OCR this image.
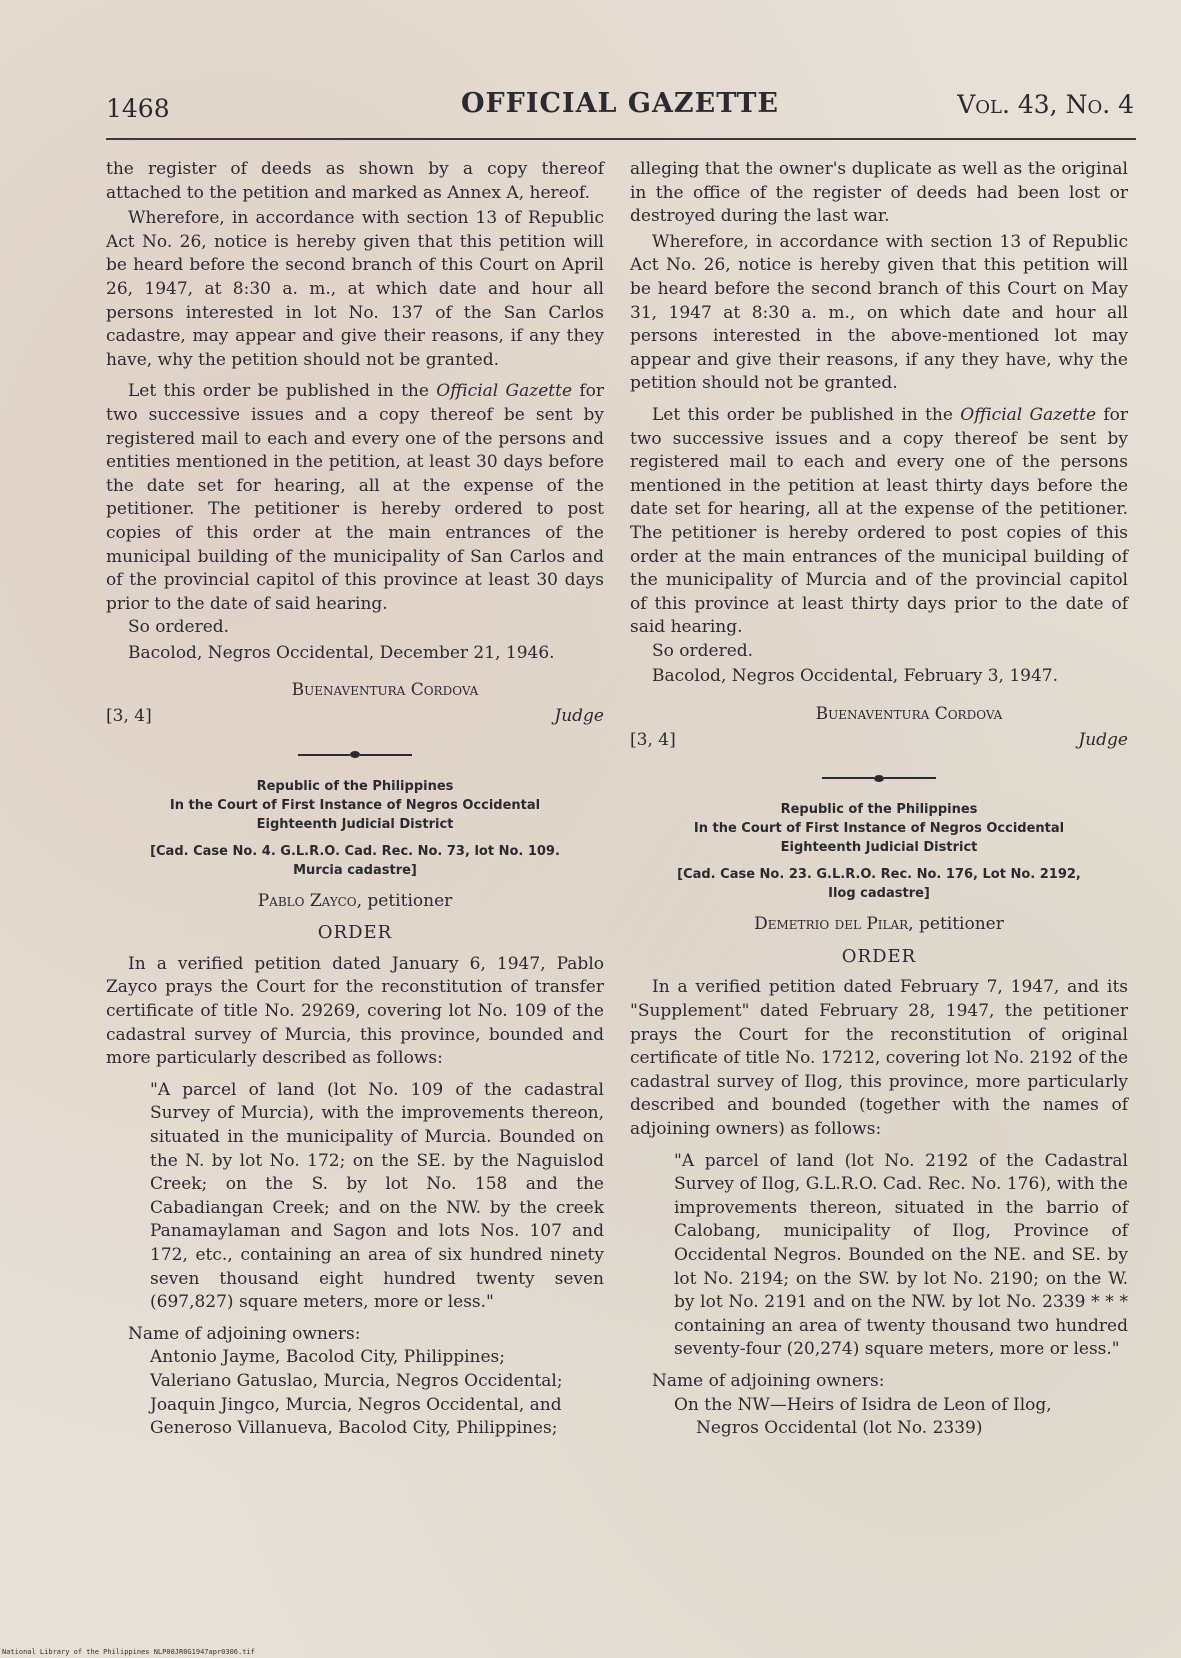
1468	OFFICIAL GAZETTE	Vol. 43, No. 4

the register of deeds as shown by a copy thereof attached to the petition and marked as Annex A, hereof.

Wherefore, in accordance with section 13 of Republic Act No. 26, notice is hereby given that this petition will be heard before the second branch of this Court on April 26, 1947, at 8:30 a. m., at which date and hour all persons interested in lot No. 137 of the San Carlos cadastre, may appear and give their reasons, if any they have, why the petition should not be granted.

Let this order be published in the Official Gazette for two successive issues and a copy thereof be sent by registered mail to each and every one of the persons and entities mentioned in the petition, at least 30 days before the date set for hearing, all at the expense of the petitioner. The petitioner is hereby ordered to post copies of this order at the main entrances of the municipal building of the municipality of San Carlos and of the provincial capitol of this province at least 30 days prior to the date of said hearing.

So ordered.

Bacolod, Negros Occidental, December 21, 1946.

Buenaventura Cordova
[3, 4]	Judge
Republic of the Philippines
In the Court of First Instance of Negros Occidental
Eighteenth Judicial District
[Cad. Case No. 4. G.L.R.O. Cad. Rec. No. 73, lot No. 109.
Murcia cadastre]
Pablo Zayco, petitioner
ORDER

In a verified petition dated January 6, 1947, Pablo Zayco prays the Court for the reconstitution of transfer certificate of title No. 29269, covering lot No. 109 of the cadastral survey of Murcia, this province, bounded and more particularly described as follows:

"A parcel of land (lot No. 109 of the cadastral Survey of Murcia), with the improvements thereon, situated in the municipality of Murcia. Bounded on the N. by lot No. 172; on the SE. by the Naguislod Creek; on the S. by lot No. 158 and the Cabadiangan Creek; and on the NW. by the creek Panamaylaman and Sagon and lots Nos. 107 and 172, etc., containing an area of six hundred ninety seven thousand eight hundred twenty seven (697,827) square meters, more or less."

Name of adjoining owners:

Antonio Jayme, Bacolod City, Philippines;
Valeriano Gatuslao, Murcia, Negros Occidental;
Joaquin Jingco, Murcia, Negros Occidental, and
Generoso Villanueva, Bacolod City, Philippines;

alleging that the owner's duplicate as well as the original in the office of the register of deeds had been lost or destroyed during the last war.

Wherefore, in accordance with section 13 of Republic Act No. 26, notice is hereby given that this petition will be heard before the second branch of this Court on May 31, 1947 at 8:30 a. m., on which date and hour all persons interested in the above-mentioned lot may appear and give their reasons, if any they have, why the petition should not be granted.

Let this order be published in the Official Gazette for two successive issues and a copy thereof be sent by registered mail to each and every one of the persons mentioned in the petition at least thirty days before the date set for hearing, all at the expense of the petitioner. The petitioner is hereby ordered to post copies of this order at the main entrances of the municipal building of the municipality of Murcia and of the provincial capitol of this province at least thirty days prior to the date of said hearing.

So ordered.

Bacolod, Negros Occidental, February 3, 1947.

Buenaventura Cordova
[3, 4]	Judge
Republic of the Philippines
In the Court of First Instance of Negros Occidental
Eighteenth Judicial District
[Cad. Case No. 23. G.L.R.O. Rec. No. 176, Lot No. 2192,
Ilog cadastre]
Demetrio del Pilar, petitioner
ORDER

In a verified petition dated February 7, 1947, and its "Supplement" dated February 28, 1947, the petitioner prays the Court for the reconstitution of original certificate of title No. 17212, covering lot No. 2192 of the cadastral survey of Ilog, this province, more particularly described and bounded (together with the names of adjoining owners) as follows:

"A parcel of land (lot No. 2192 of the Cadastral Survey of Ilog, G.L.R.O. Cad. Rec. No. 176), with the improvements thereon, situated in the barrio of Calobang, municipality of Ilog, Province of Occidental Negros. Bounded on the NE. and SE. by lot No. 2194; on the SW. by lot No. 2190; on the W. by lot No. 2191 and on the NW. by lot No. 2339 * * * containing an area of twenty thousand two hundred seventy-four (20,274) square meters, more or less."

Name of adjoining owners:

On the NW—Heirs of Isidra de Leon of Ilog,
Negros Occidental (lot No. 2339)
National Library of the Philippines NLP00JR0G1947apr0306.tif
